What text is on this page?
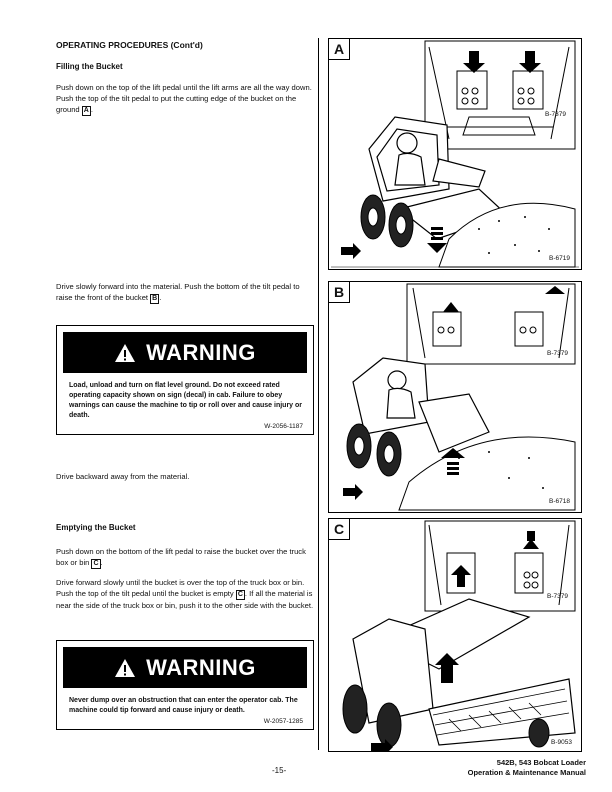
OPERATING PROCEDURES (Cont'd)
Filling the Bucket
Push down on the top of the lift pedal until the lift arms are all the way down. Push the top of the tilt pedal to put the cutting edge of the bucket on the ground A .
Drive slowly forward into the material. Push the bottom of the tilt pedal to raise the front of the bucket B .
WARNING
Load, unload and turn on flat level ground. Do not exceed rated operating capacity shown on sign (decal) in cab. Failure to obey warnings can cause the machine to tip or roll over and cause injury or death.
W-2056-1187
Drive backward away from the material.
Emptying the Bucket
Push down on the bottom of the lift pedal to raise the bucket over the truck box or bin C .
Drive forward slowly until the bucket is over the top of the truck box or bin. Push the top of the tilt pedal until the bucket is empty C . If all the material is near the side of the truck box or bin, push it to the other side with the bucket.
WARNING
Never dump over an obstruction that can enter the operator cab. The machine could tip forward and cause injury or death.
W-2057-1285
A
B-7379
B-6719
B
B-7379
B-6718
C
B-7379
B-9053
-15-
542B, 543 Bobcat Loader
Operation & Maintenance Manual
